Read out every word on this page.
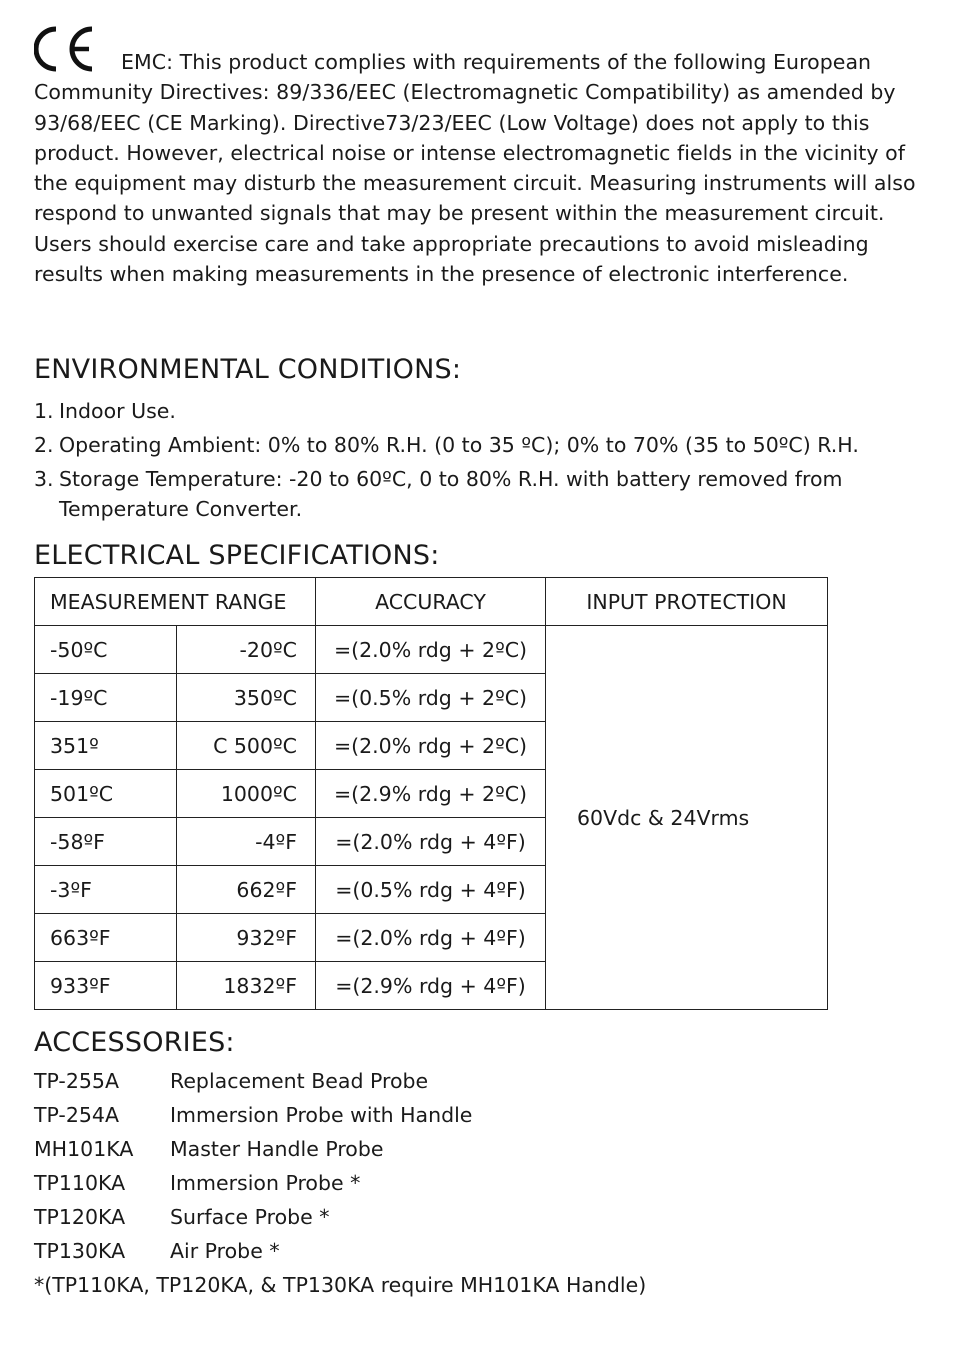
EMC: This product complies with requirements of the following European Community Directives: 89/336/EEC (Electromagnetic Compatibility) as amended by 93/68/EEC (CE Marking). Directive73/23/EEC (Low Voltage) does not apply to this product. However, electrical noise or intense electromagnetic fields in the vicinity of the equipment may disturb the measurement circuit. Measuring instruments will also respond to unwanted signals that may be present within the measurement circuit. Users should exercise care and take appropriate precautions to avoid misleading results when making measurements in the presence of electronic interference.

ENVIRONMENTAL CONDITIONS:
1. Indoor Use.
2. Operating Ambient: 0% to 80% R.H. (0 to 35 ºC); 0% to 70% (35 to 50ºC) R.H.
3. Storage Temperature: -20 to 60ºC, 0 to 80% R.H. with battery removed from Temperature Converter.
ELECTRICAL SPECIFICATIONS:
MEASUREMENT RANGE		ACCURACY	INPUT PROTECTION
-50ºC	-20ºC	=(2.0% rdg + 2ºC)	60Vdc & 24Vrms
-19ºC	350ºC	=(0.5% rdg + 2ºC)	
351º	C 500ºC	=(2.0% rdg + 2ºC)	
501ºC	1000ºC	=(2.9% rdg + 2ºC)	
-58ºF	-4ºF	=(2.0% rdg + 4ºF)	
-3ºF	662ºF	=(0.5% rdg + 4ºF)	
663ºF	932ºF	=(2.0% rdg + 4ºF)	
933ºF	1832ºF	=(2.9% rdg + 4ºF)	
ACCESSORIES:
TP-255A Replacement Bead Probe
TP-254A Immersion Probe with Handle
MH101KA Master Handle Probe
TP110KA Immersion Probe *
TP120KA Surface Probe *
TP130KA Air Probe *
*(TP110KA, TP120KA, & TP130KA require MH101KA Handle)
